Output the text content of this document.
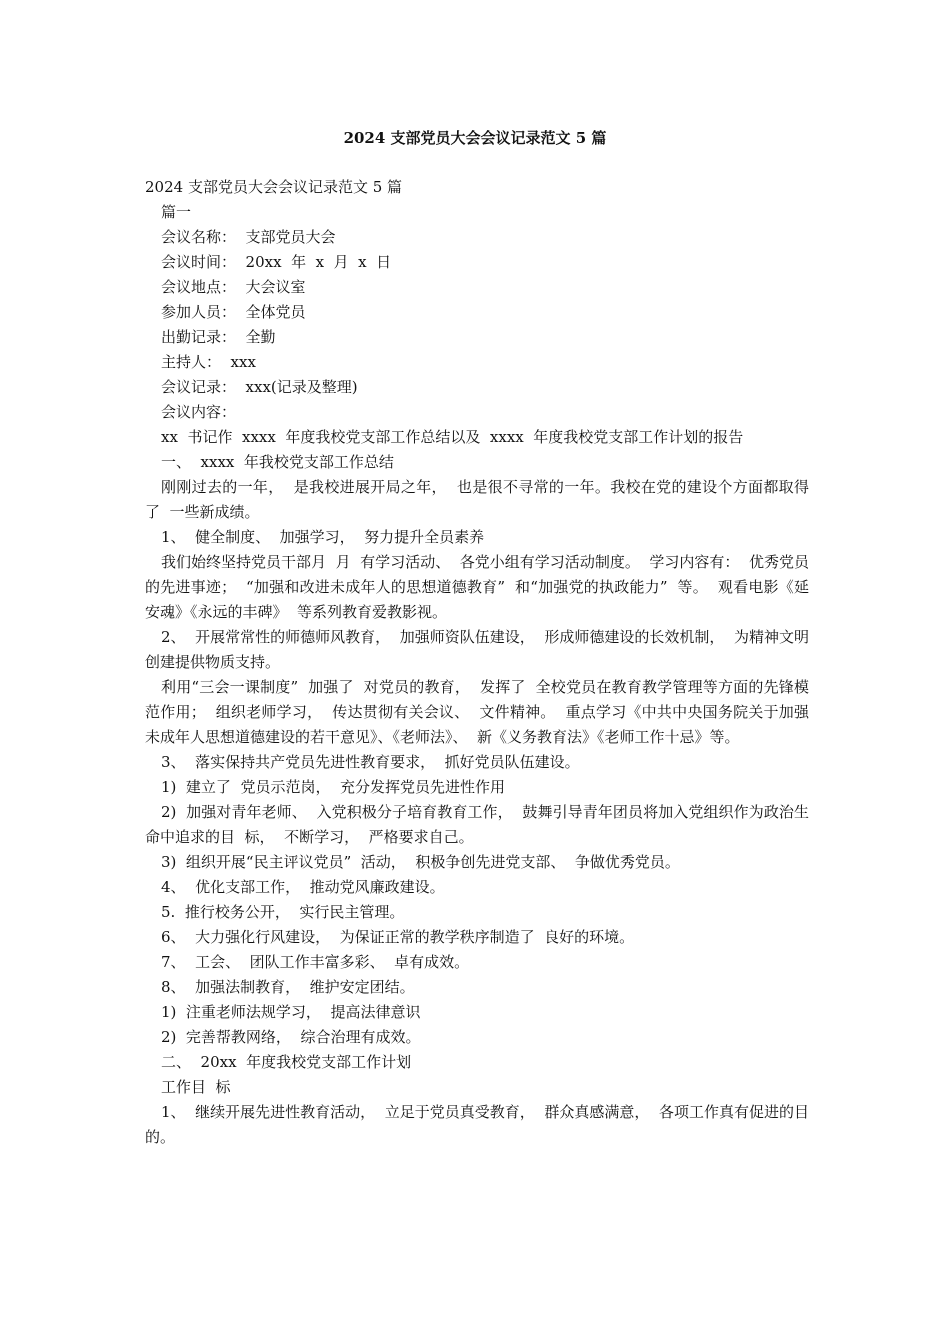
2024 支部党员大会会议记录范文 5 篇

2024 支部党员大会会议记录范文 5 篇

篇一

会议名称：  支部党员大会

会议时间：  20xx  年  x  月  x  日

会议地点：  大会议室

参加人员：  全体党员

出勤记录：  全勤

主持人：  xxx

会议记录：  xxx(记录及整理)

会议内容：

xx  书记作  xxxx  年度我校党支部工作总结以及  xxxx  年度我校党支部工作计划的报告

一、  xxxx  年我校党支部工作总结

刚刚过去的一年，  是我校进展开局之年，  也是很不寻常的一年。我校在党的建设个方面都取得了  一些新成绩。

1、  健全制度、  加强学习，  努力提升全员素养

我们始终坚持党员干部月  月  有学习活动、  各党小组有学习活动制度。  学习内容有：  优秀党员的先进事迹；  “加强和改进未成年人的思想道德教育”  和“加强党的执政能力”  等。  观看电影《延安魂》《永远的丰碑》  等系列教育爱教影视。

2、  开展常常性的师德师风教育，  加强师资队伍建设，  形成师德建设的长效机制，  为精神文明创建提供物质支持。

利用“三会一课制度”  加强了  对党员的教育，  发挥了  全校党员在教育教学管理等方面的先锋模范作用；  组织老师学习，  传达贯彻有关会议、  文件精神。  重点学习《中共中央国务院关于加强未成年人思想道德建设的若干意见》、《老师法》、  新《义务教育法》《老师工作十忌》等。

3、  落实保持共产党员先进性教育要求，  抓好党员队伍建设。

1)  建立了  党员示范岗，  充分发挥党员先进性作用

2)  加强对青年老师、  入党积极分子培育教育工作，  鼓舞引导青年团员将加入党组织作为政治生命中追求的目  标，  不断学习，  严格要求自己。

3)  组织开展“民主评议党员”  活动，  积极争创先进党支部、  争做优秀党员。

4、  优化支部工作，  推动党风廉政建设。

5.  推行校务公开，  实行民主管理。

6、  大力强化行风建设，  为保证正常的教学秩序制造了  良好的环境。

7、  工会、  团队工作丰富多彩、  卓有成效。

8、  加强法制教育，  维护安定团结。

1)  注重老师法规学习，  提高法律意识

2)  完善帮教网络，  综合治理有成效。

二、  20xx  年度我校党支部工作计划

工作目  标

1、  继续开展先进性教育活动，  立足于党员真受教育，  群众真感满意，  各项工作真有促进的目  的。
